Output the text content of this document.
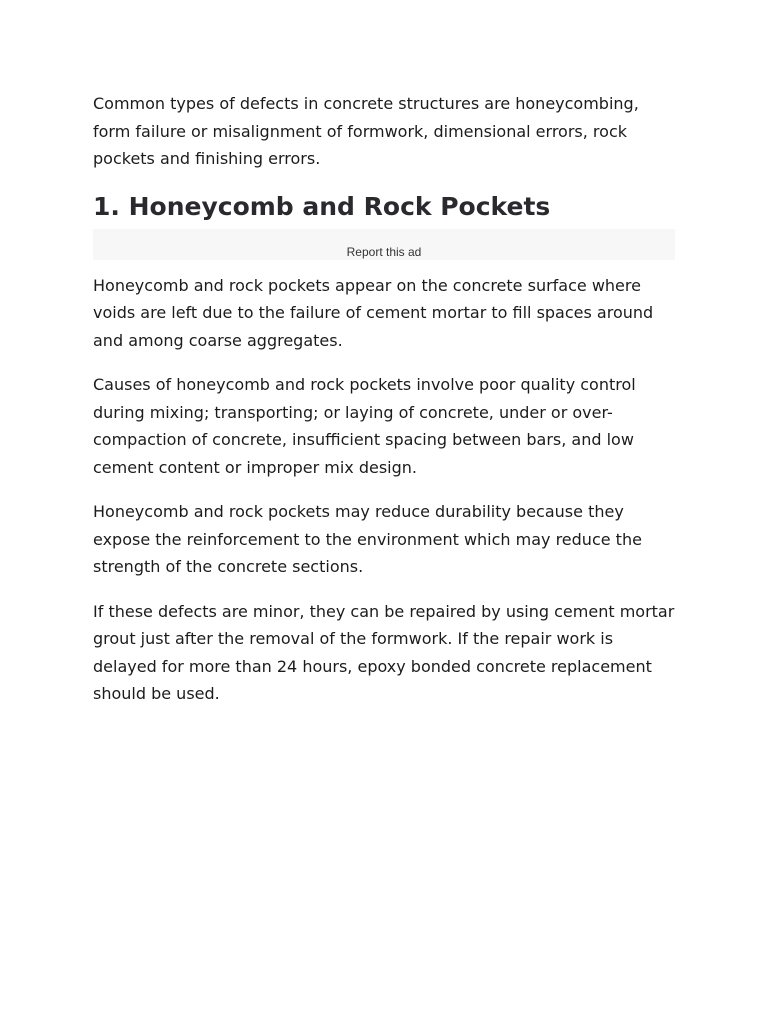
Common types of defects in concrete structures are honeycombing, form failure or misalignment of formwork, dimensional errors, rock pockets and finishing errors.

1. Honeycomb and Rock Pockets
Report this ad

Honeycomb and rock pockets appear on the concrete surface where voids are left due to the failure of cement mortar to fill spaces around and among coarse aggregates.

Causes of honeycomb and rock pockets involve poor quality control during mixing; transporting; or laying of concrete, under or over-compaction of concrete, insufficient spacing between bars, and low cement content or improper mix design.

Honeycomb and rock pockets may reduce durability because they expose the reinforcement to the environment which may reduce the strength of the concrete sections.

If these defects are minor, they can be repaired by using cement mortar grout just after the removal of the formwork. If the repair work is delayed for more than 24 hours, epoxy bonded concrete replacement should be used.
